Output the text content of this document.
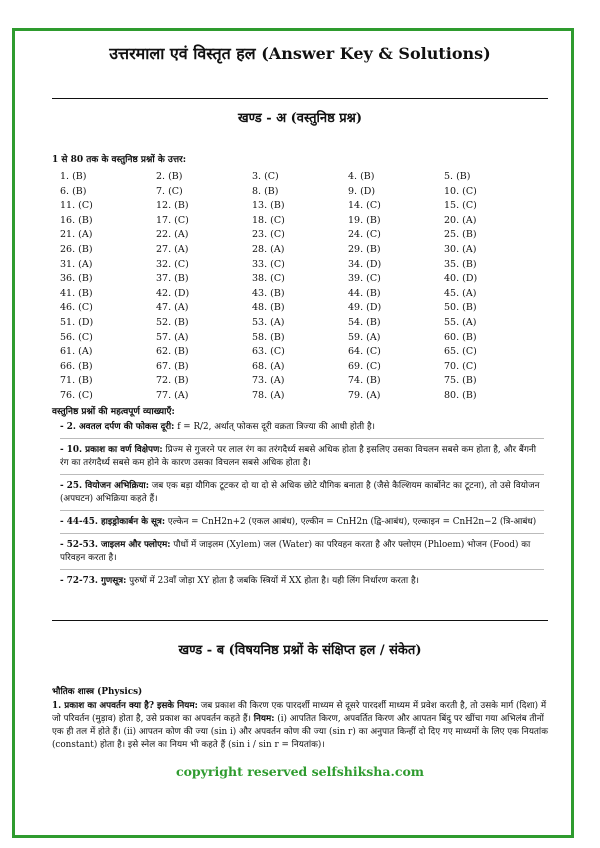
उत्तरमाला एवं विस्तृत हल (Answer Key & Solutions)
खण्ड - अ (वस्तुनिष्ठ प्रश्न)
1 से 80 तक के वस्तुनिष्ठ प्रश्नों के उत्तर:
1. (B)	2. (B)	3. (C)	4. (B)	5. (B)
6. (B)	7. (C)	8. (B)	9. (D)	10. (C)
11. (C)	12. (B)	13. (B)	14. (C)	15. (C)
16. (B)	17. (C)	18. (C)	19. (B)	20. (A)
21. (A)	22. (A)	23. (C)	24. (C)	25. (B)
26. (B)	27. (A)	28. (A)	29. (B)	30. (A)
31. (A)	32. (C)	33. (C)	34. (D)	35. (B)
36. (B)	37. (B)	38. (C)	39. (C)	40. (D)
41. (B)	42. (D)	43. (B)	44. (B)	45. (A)
46. (C)	47. (A)	48. (B)	49. (D)	50. (B)
51. (D)	52. (B)	53. (A)	54. (B)	55. (A)
56. (C)	57. (A)	58. (B)	59. (A)	60. (B)
61. (A)	62. (B)	63. (C)	64. (C)	65. (C)
66. (B)	67. (B)	68. (A)	69. (C)	70. (C)
71. (B)	72. (B)	73. (A)	74. (B)	75. (B)
76. (C)	77. (A)	78. (A)	79. (A)	80. (B)
वस्तुनिष्ठ प्रश्नों की महत्वपूर्ण व्याख्याएँ:
- 2. अवतल दर्पण की फोकस दूरी: f = R/2, अर्थात् फोकस दूरी वक्रता त्रिज्या की आधी होती है।
- 10. प्रकाश का वर्ण विक्षेपण: प्रिज्म से गुजरने पर लाल रंग का तरंगदैर्ध्य सबसे अधिक होता है इसलिए उसका विचलन सबसे कम होता है, और बैंगनी रंग का तरंगदैर्ध्य सबसे कम होने के कारण उसका विचलन सबसे अधिक होता है।
- 25. वियोजन अभिक्रिया: जब एक बड़ा यौगिक टूटकर दो या दो से अधिक छोटे यौगिक बनाता है (जैसे कैल्शियम कार्बोनेट का टूटना), तो उसे वियोजन (अपघटन) अभिक्रिया कहते हैं।
- 44-45. हाइड्रोकार्बन के सूत्र: एल्केन = CnH2n+2 (एकल आबंध), एल्कीन = CnH2n (द्वि-आबंध), एल्काइन = CnH2n−2 (त्रि-आबंध)
- 52-53. जाइलम और फ्लोएम: पौधों में जाइलम (Xylem) जल (Water) का परिवहन करता है और फ्लोएम (Phloem) भोजन (Food) का परिवहन करता है।
- 72-73. गुणसूत्र: पुरुषों में 23वाँ जोड़ा XY होता है जबकि स्त्रियों में XX होता है। यही लिंग निर्धारण करता है।
खण्ड - ब (विषयनिष्ठ प्रश्नों के संक्षिप्त हल / संकेत)
भौतिक शास्त्र (Physics)
1. प्रकाश का अपवर्तन क्या है? इसके नियम: जब प्रकाश की किरण एक पारदर्शी माध्यम से दूसरे पारदर्शी माध्यम में प्रवेश करती है, तो उसके मार्ग (दिशा) में जो परिवर्तन (मुड़ाव) होता है, उसे प्रकाश का अपवर्तन कहते हैं। नियम: (i) आपतित किरण, अपवर्तित किरण और आपतन बिंदु पर खींचा गया अभिलंब तीनों एक ही तल में होते हैं। (ii) आपतन कोण की ज्या (sin i) और अपवर्तन कोण की ज्या (sin r) का अनुपात किन्हीं दो दिए गए माध्यमों के लिए एक नियतांक (constant) होता है। इसे स्नेल का नियम भी कहते हैं (sin i / sin r = नियतांक)।
copyright reserved selfshiksha.com
